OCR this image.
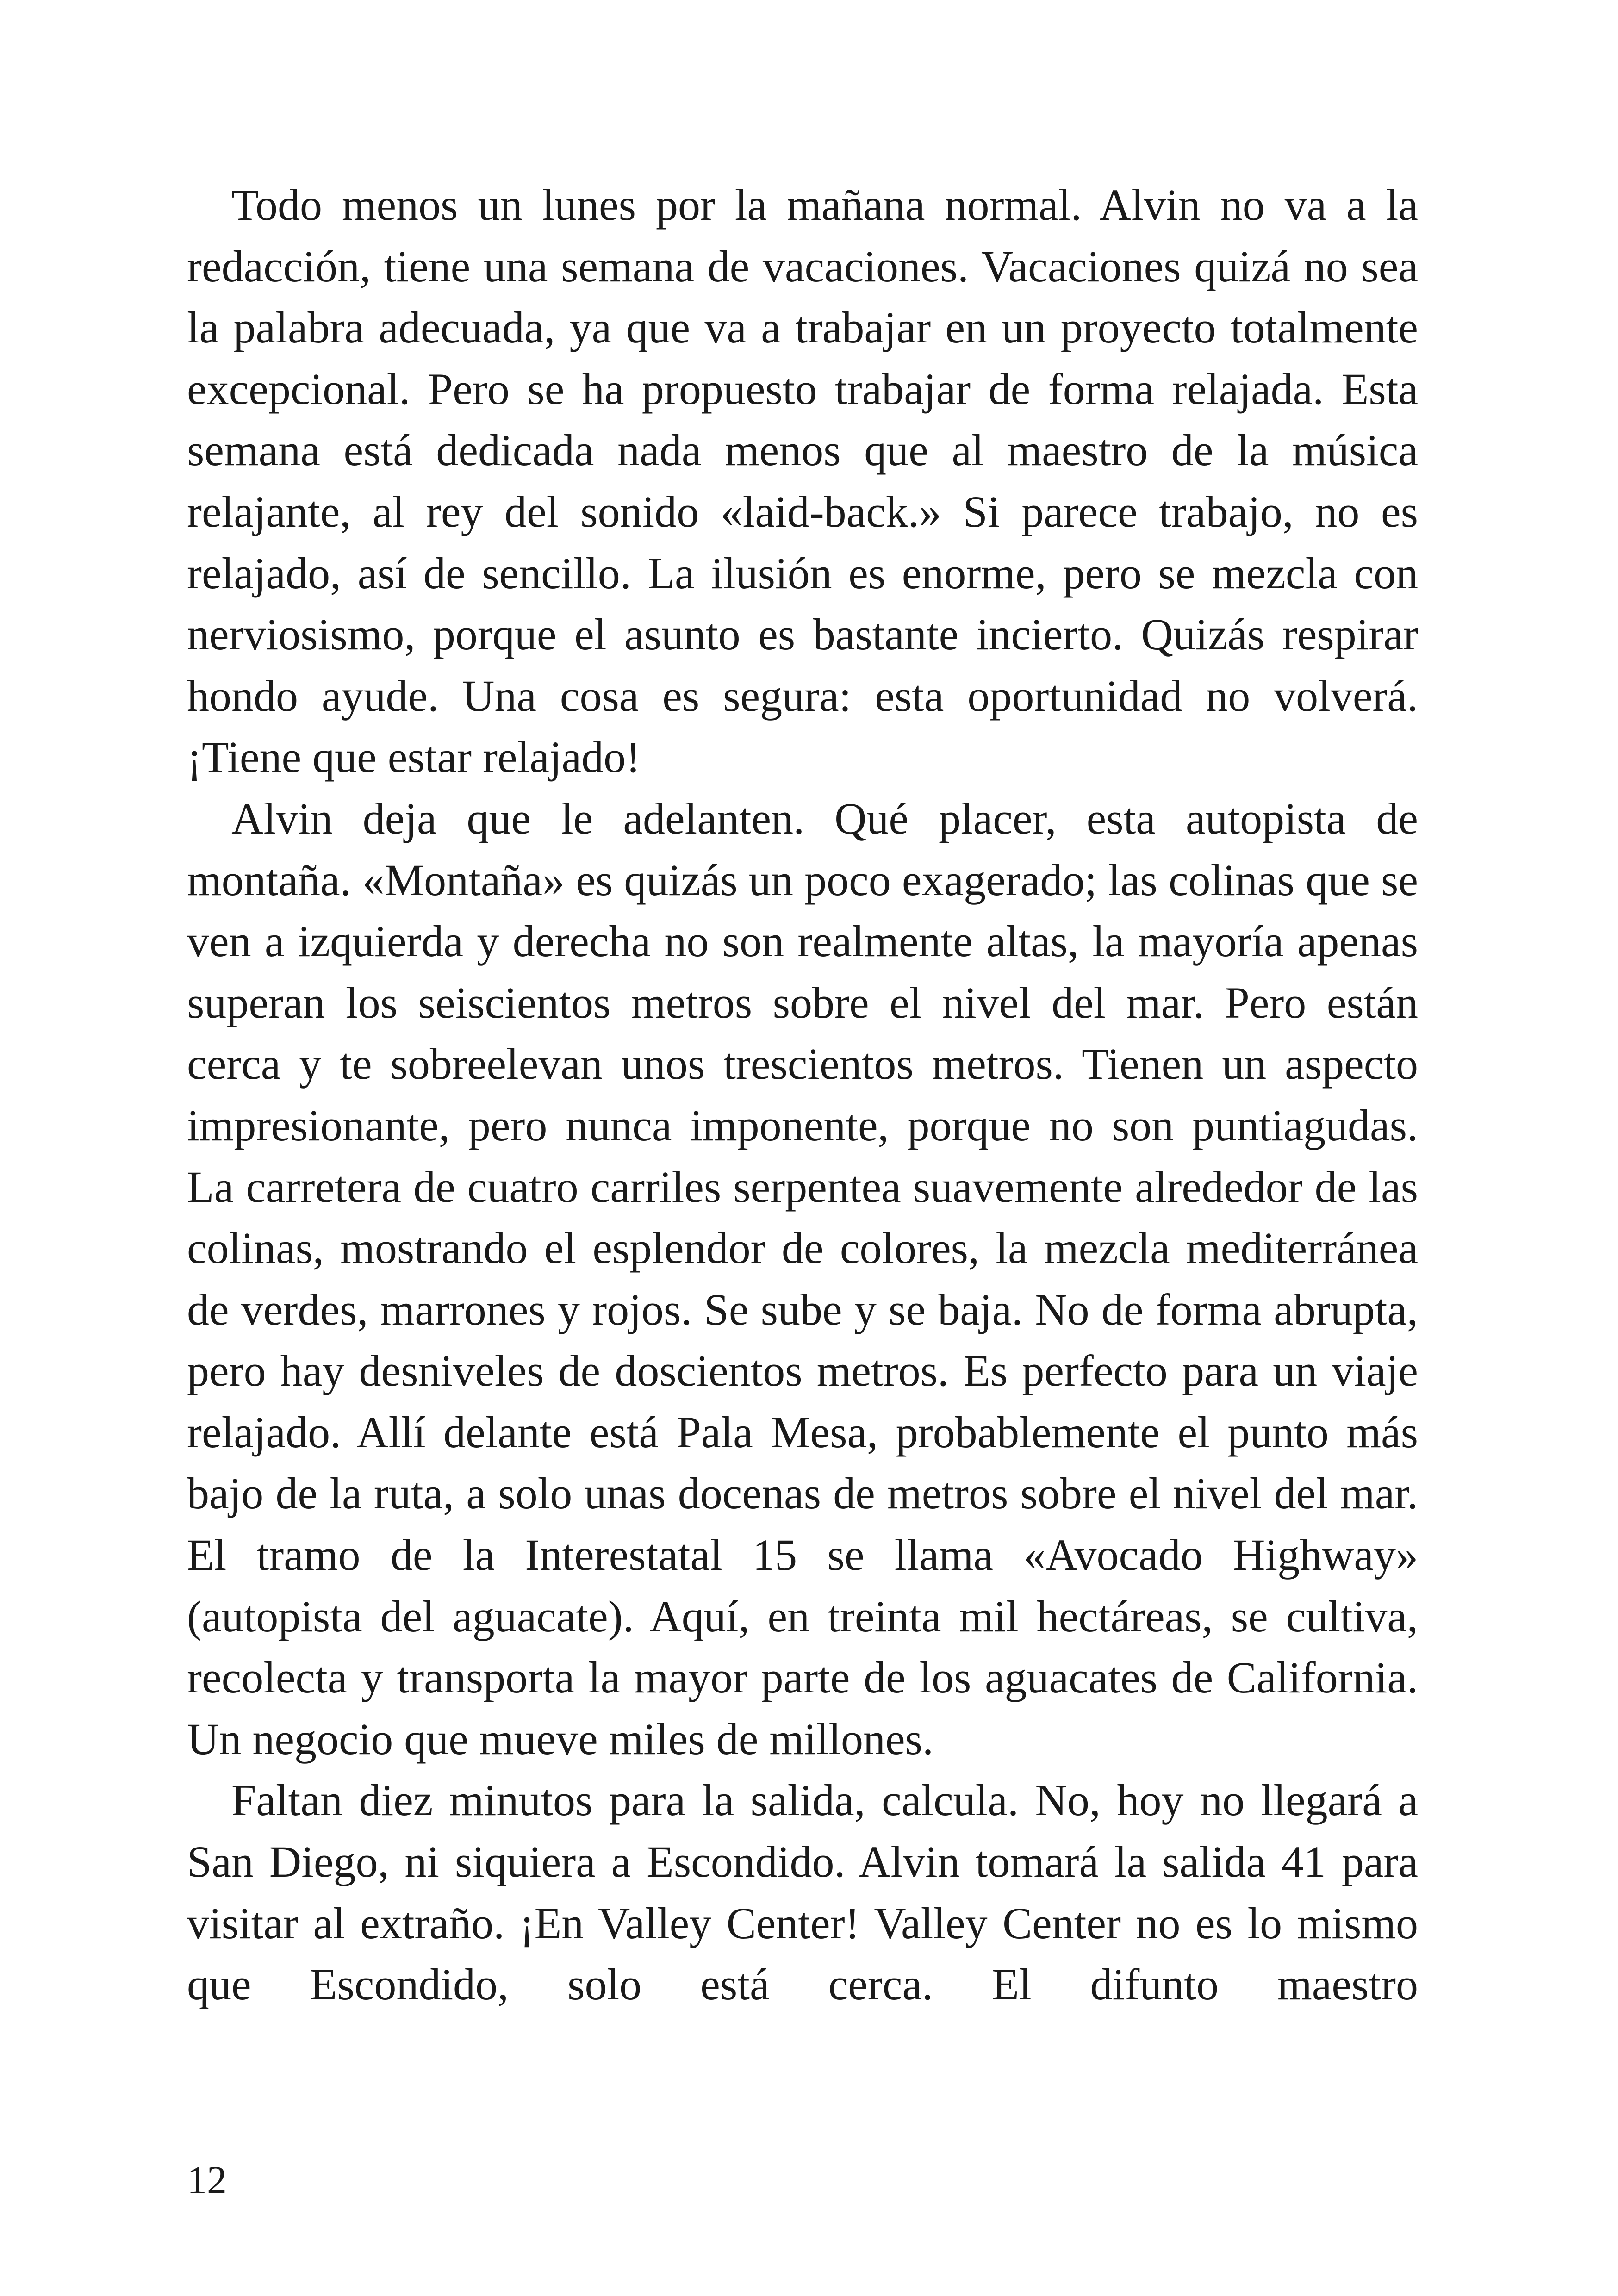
Todo menos un lunes por la mañana normal. Alvin no va a la redacción, tiene una semana de vacaciones. Vacaciones quizá no sea la palabra adecuada, ya que va a trabajar en un proyecto totalmente excepcional. Pero se ha propuesto trabajar de forma relajada. Esta semana está dedicada nada menos que al maestro de la música relajante, al rey del sonido «laid-back.» Si parece trabajo, no es relajado, así de sencillo. La ilusión es enorme, pero se mezcla con nerviosismo, porque el asunto es bastante incierto. Quizás respirar hondo ayude. Una cosa es segura: esta oportunidad no volverá. ¡Tiene que estar relajado!

Alvin deja que le adelanten. Qué placer, esta autopista de montaña. «Montaña» es quizás un poco exagerado; las colinas que se ven a izquierda y derecha no son realmente altas, la mayoría apenas superan los seiscientos metros sobre el nivel del mar. Pero están cerca y te sobreelevan unos trescientos metros. Tienen un aspecto impresionante, pero nunca imponente, porque no son puntiagudas. La carretera de cuatro carriles serpentea suavemente alrededor de las colinas, mostrando el esplendor de colores, la mezcla mediterránea de verdes, marrones y rojos. Se sube y se baja. No de forma abrupta, pero hay desniveles de doscientos metros. Es perfecto para un viaje relajado. Allí delante está Pala Mesa, probablemente el punto más bajo de la ruta, a solo unas docenas de metros sobre el nivel del mar. El tramo de la Interestatal 15 se llama «Avocado Highway» (autopista del aguacate). Aquí, en treinta mil hectáreas, se cultiva, recolecta y transporta la mayor parte de los aguacates de California. Un negocio que mueve miles de millones.

Faltan diez minutos para la salida, calcula. No, hoy no llegará a San Diego, ni siquiera a Escondido. Alvin tomará la salida 41 para visitar al extraño. ¡En Valley Center! Valley Center no es lo mismo que Escondido, solo está cerca. El difunto maestro

12
